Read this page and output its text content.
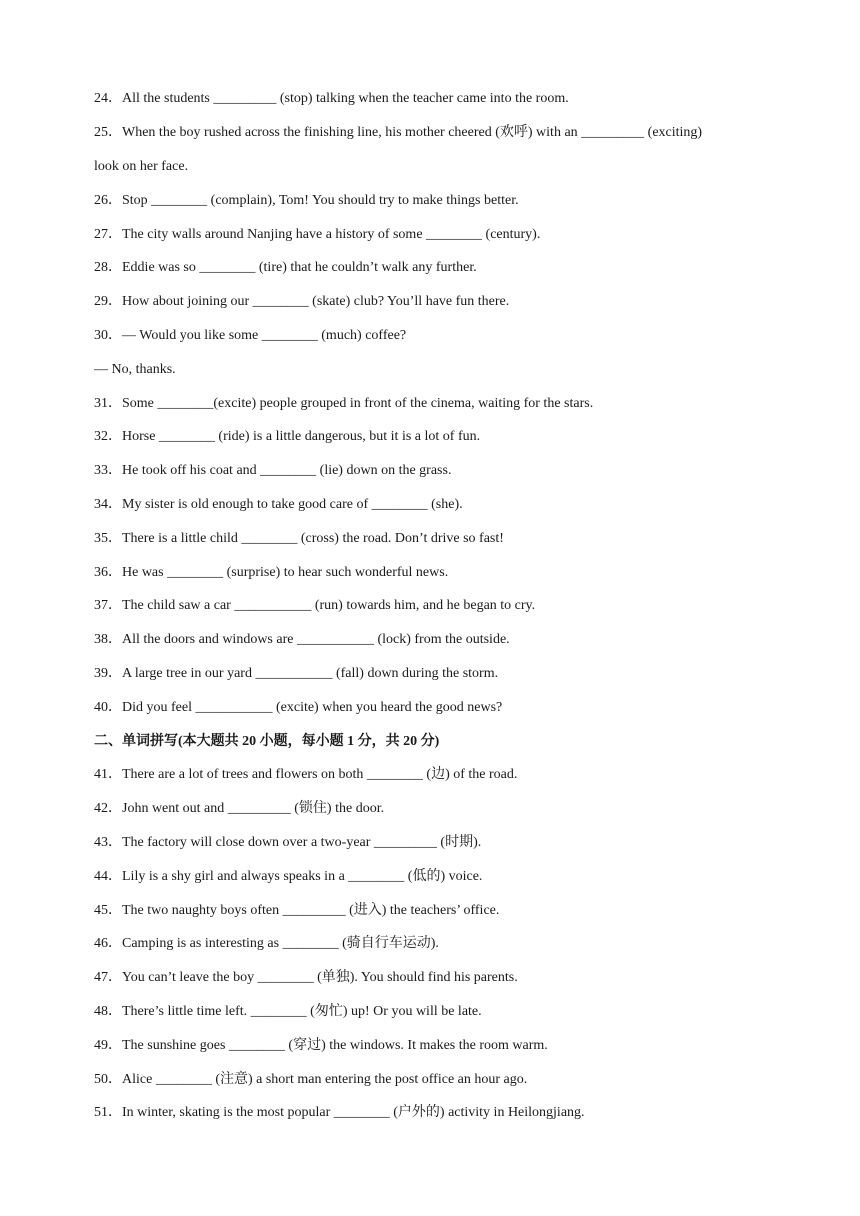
24．All the students _________ (stop) talking when the teacher came into the room.
25．When the boy rushed across the finishing line, his mother cheered (欢呼) with an _________ (exciting)
look on her face.
26．Stop ________ (complain), Tom! You should try to make things better.
27．The city walls around Nanjing have a history of some ________ (century).
28．Eddie was so ________ (tire) that he couldn’t walk any further.
29．How about joining our ________ (skate) club? You’ll have fun there.
30．— Would you like some ________ (much) coffee?
— No, thanks.
31．Some ________(excite) people grouped in front of the cinema, waiting for the stars.
32．Horse ________ (ride) is a little dangerous, but it is a lot of fun.
33．He took off his coat and ________ (lie) down on the grass.
34．My sister is old enough to take good care of ________ (she).
35．There is a little child ________ (cross) the road. Don’t drive so fast!
36．He was ________ (surprise) to hear such wonderful news.
37．The child saw a car ___________ (run) towards him, and he began to cry.
38．All the doors and windows are ___________ (lock) from the outside.
39．A large tree in our yard ___________ (fall) down during the storm.
40．Did you feel ___________ (excite) when you heard the good news?
二、单词拼写(本大题共 20 小题，每小题 1 分，共 20 分)
41．There are a lot of trees and flowers on both ________ (边) of the road.
42．John went out and _________ (锁住) the door.
43．The factory will close down over a two-year _________ (时期).
44．Lily is a shy girl and always speaks in a ________ (低的) voice.
45．The two naughty boys often _________ (进入) the teachers’ office.
46．Camping is as interesting as ________ (骑自行车运动).
47．You can’t leave the boy ________ (单独). You should find his parents.
48．There’s little time left. ________ (匆忙) up! Or you will be late.
49．The sunshine goes ________ (穿过) the windows. It makes the room warm.
50．Alice ________ (注意) a short man entering the post office an hour ago.
51．In winter, skating is the most popular ________ (户外的) activity in Heilongjiang.
